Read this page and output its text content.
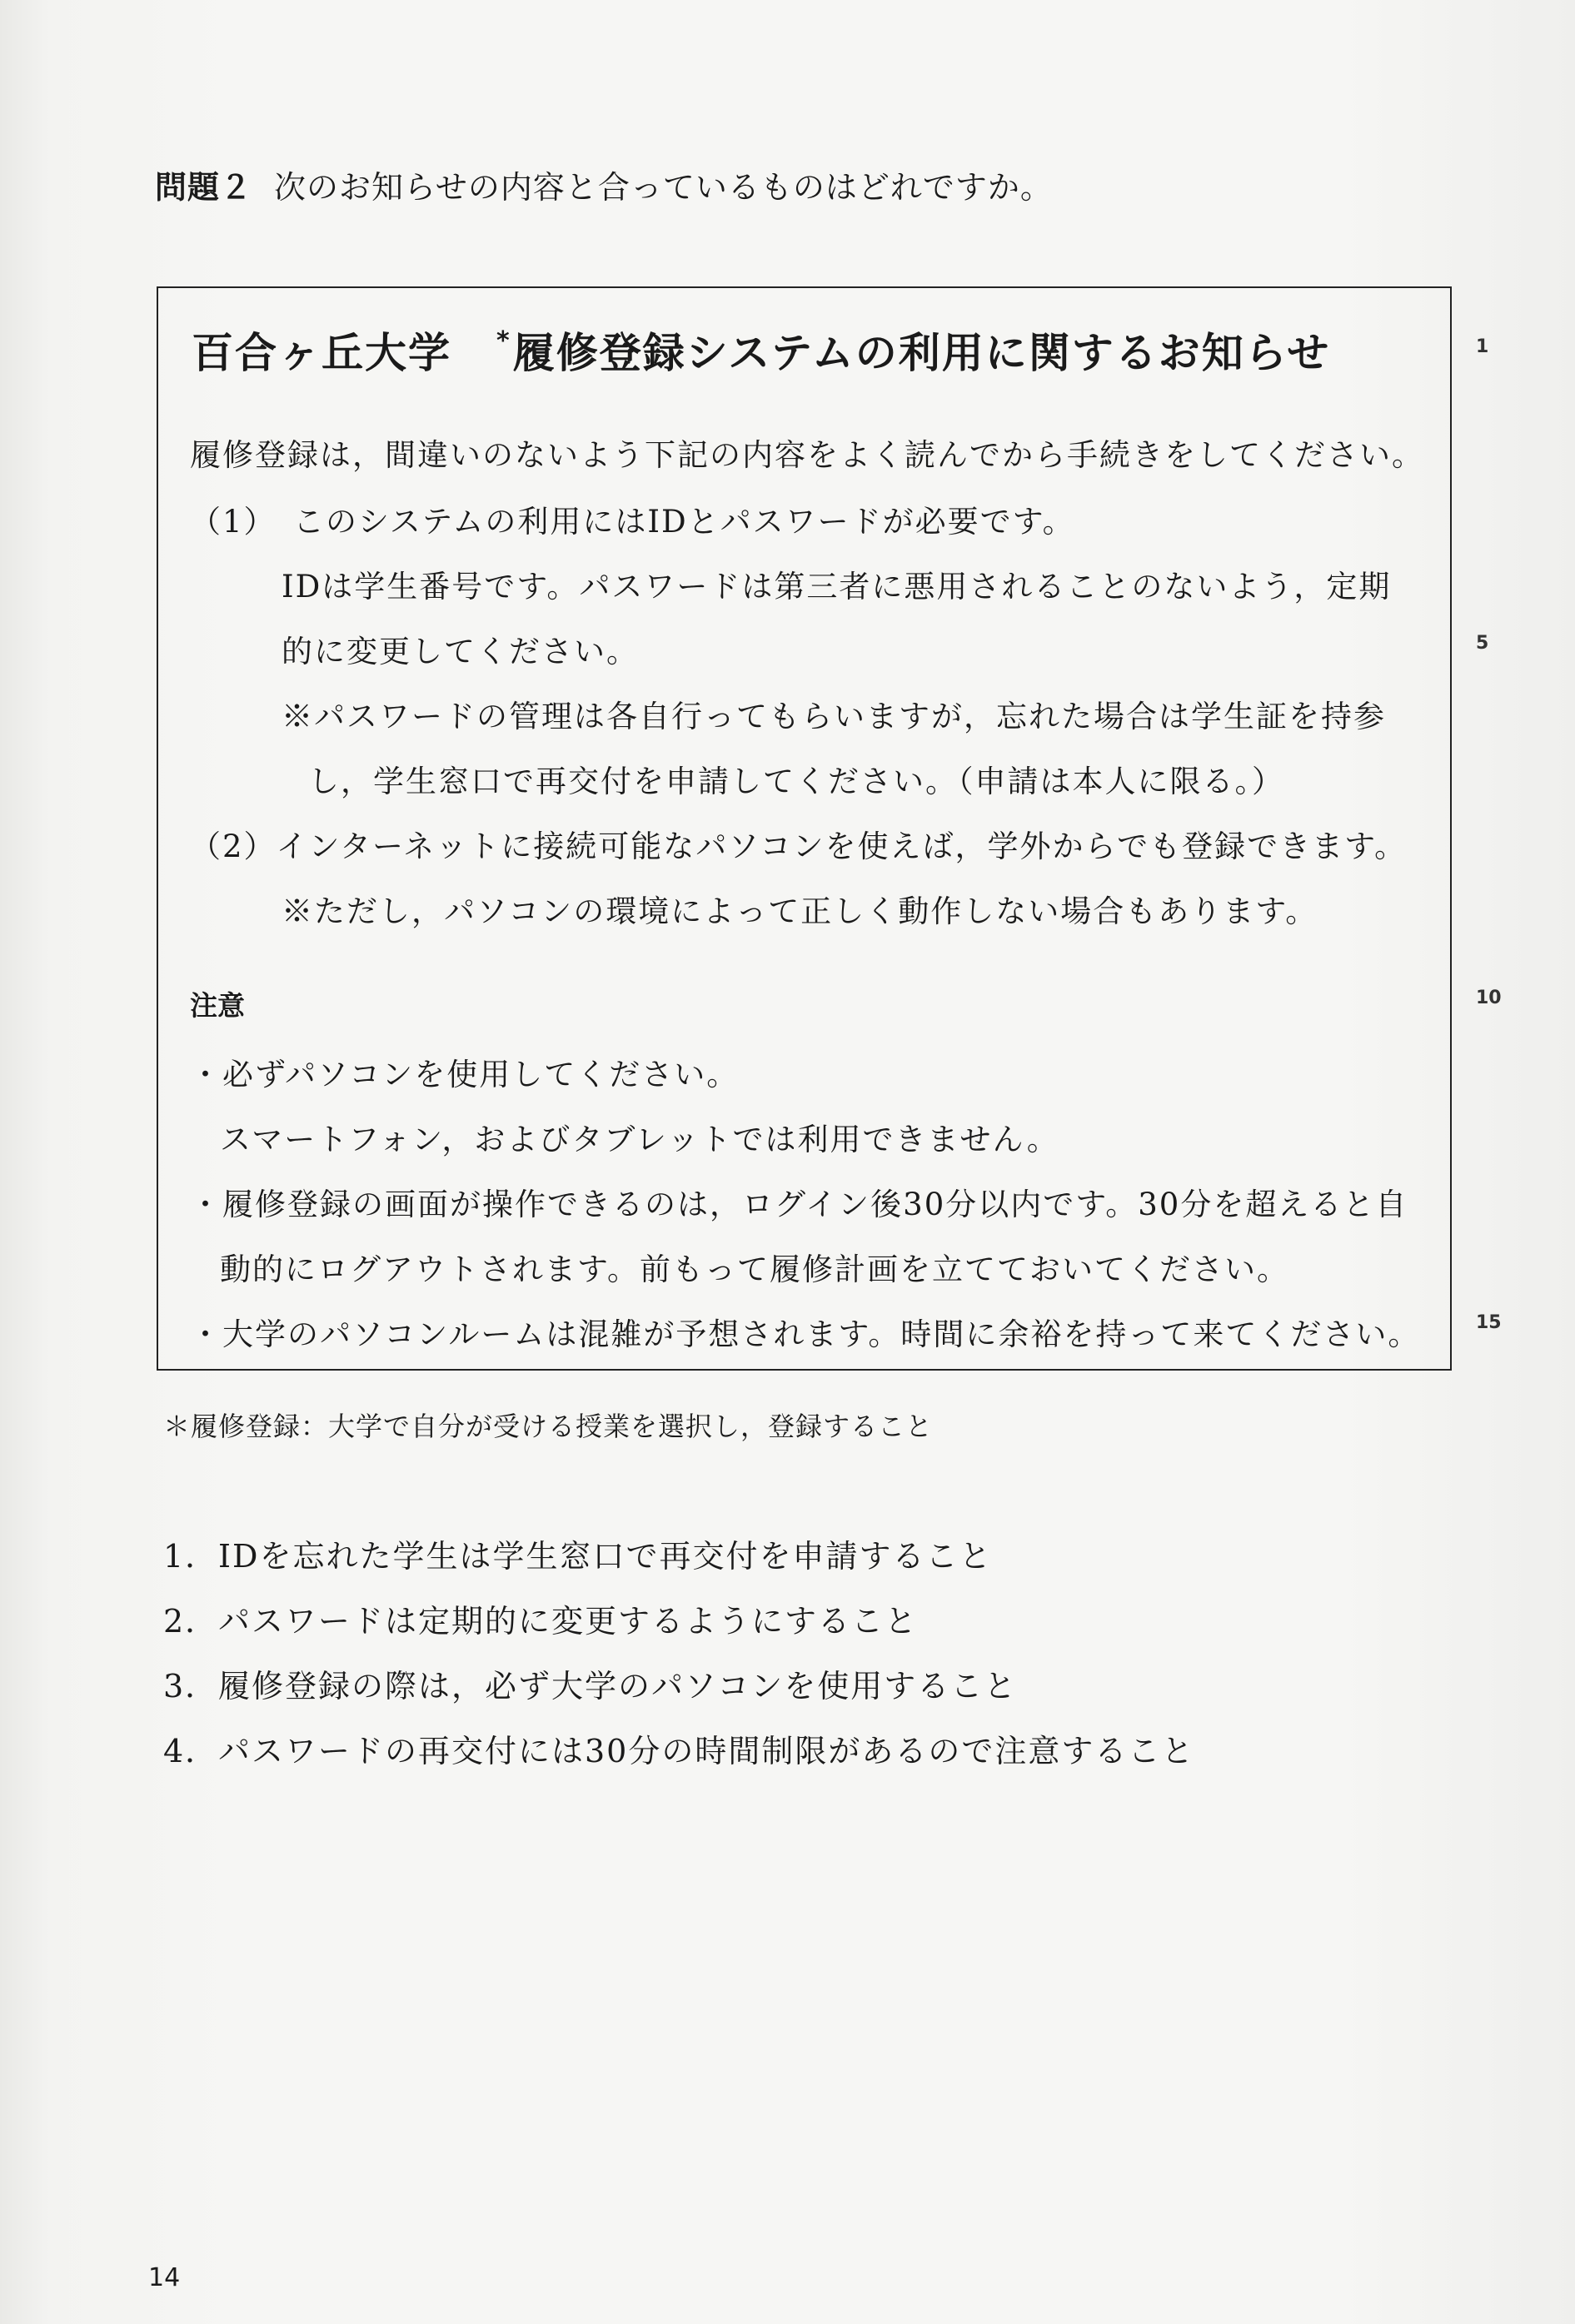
問題２ 次のお知らせの内容と合っているものはどれですか。
百合ヶ丘大学 *履修登録システムの利用に関するお知らせ
履修登録は，間違いのないよう下記の内容をよく読んでから手続きをしてください。
（1）　このシステムの利用にはIDとパスワードが必要です。
IDは学生番号です。パスワードは第三者に悪用されることのないよう，定期
的に変更してください。
※パスワードの管理は各自行ってもらいますが，忘れた場合は学生証を持参
し，学生窓口で再交付を申請してください。（申請は本人に限る。）
（2）インターネットに接続可能なパソコンを使えば，学外からでも登録できます。
※ただし，パソコンの環境によって正しく動作しない場合もあります。
注意
・必ずパソコンを使用してください。
スマートフォン，およびタブレットでは利用できません。
・履修登録の画面が操作できるのは，ログイン後30分以内です。30分を超えると自
動的にログアウトされます。前もって履修計画を立てておいてください。
・大学のパソコンルームは混雑が予想されます。時間に余裕を持って来てください。
1
5
10
15
＊履修登録：大学で自分が受ける授業を選択し，登録すること
1．IDを忘れた学生は学生窓口で再交付を申請すること
2．パスワードは定期的に変更するようにすること
3．履修登録の際は，必ず大学のパソコンを使用すること
4．パスワードの再交付には30分の時間制限があるので注意すること
14
